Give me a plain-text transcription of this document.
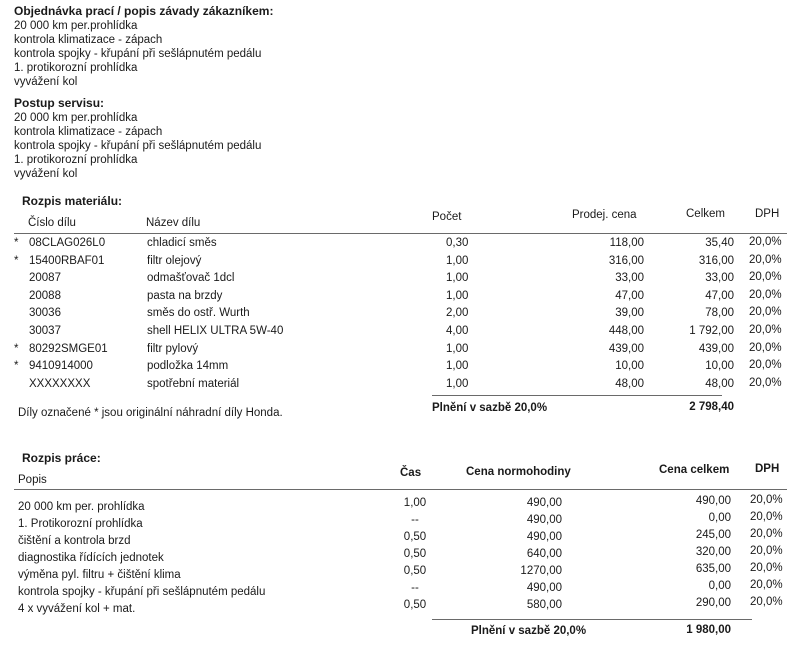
Objednávka prací / popis závady zákazníkem:
20 000 km per.prohlídka
kontrola klimatizace - zápach
kontrola spojky - křupání při sešlápnutém pedálu
1. protikorozní prohlídka
vyvážení kol
Postup servisu:
20 000 km per.prohlídka
kontrola klimatizace - zápach
kontrola spojky - křupání při sešlápnutém pedálu
1. protikorozní prohlídka
vyvážení kol
Rozpis materiálu:
Číslo dílu	Název dílu	Počet	Prodej. cena	Celkem	DPH
* 08CLAG026L0	chladicí směs	0,30	118,00	35,40 20,0%
* 15400RBAF01	filtr olejový	1,00	316,00	316,00 20,0%
20087	odmašťovač 1dcl	1,00	33,00	33,00 20,0%
20088	pasta na brzdy	1,00	47,00	47,00 20,0%
30036	směs do ostř. Wurth	2,00	39,00	78,00 20,0%
30037	shell HELIX ULTRA 5W-40	4,00	448,00	1 792,00 20,0%
* 80292SMGE01	filtr pylový	1,00	439,00	439,00 20,0%
* 9410914000	podložka 14mm	1,00	10,00	10,00 20,0%
XXXXXXXX	spotřební materiál	1,00	48,00	48,00 20,0%
Díly označené * jsou originální náhradní díly Honda.	Plnění v sazbě 20,0%	2 798,40
Rozpis práce:
Popis
Čas	Cena normohodiny	Cena celkem DPH
20 000 km per. prohlídka	1,00	490,00	490,00 20,0%
1. Protikorozní prohlídka	--	490,00	0,00 20,0%
čištění a kontrola brzd	0,50	490,00	245,00 20,0%
diagnostika řídících jednotek	0,50	640,00	320,00 20,0%
výměna pyl. filtru + čištění klima	0,50	1270,00	635,00 20,0%
kontrola spojky - křupání při sešlápnutém pedálu	--	490,00	0,00 20,0%
4 x vyvážení kol + mat.	0,50	580,00	290,00 20,0%
Plnění v sazbě 20,0%	1 980,00
